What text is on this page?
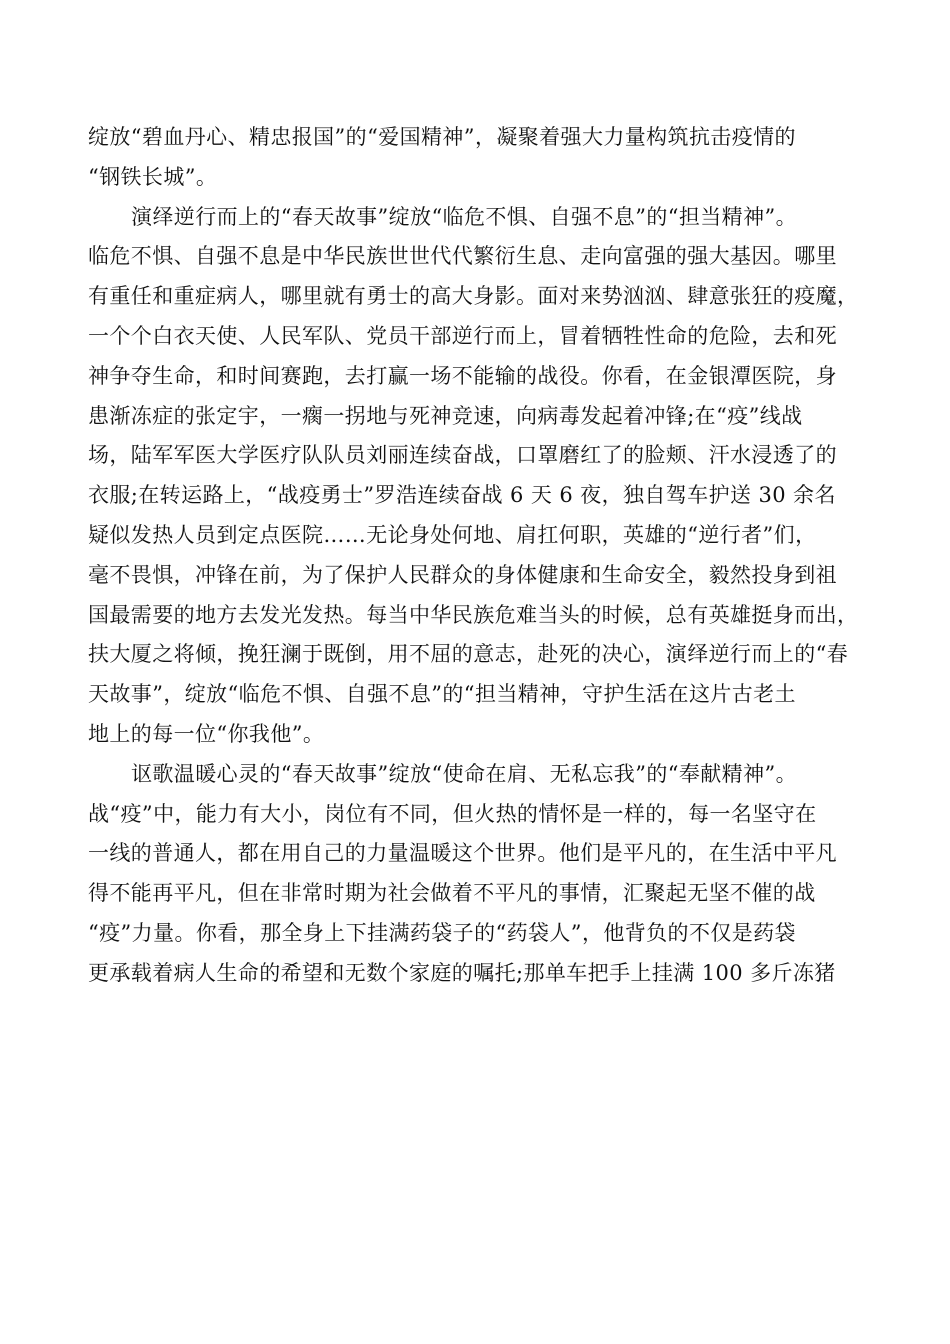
绽放“碧血丹心、精忠报国”的“爱国精神”，凝聚着强大力量构筑抗击疫情的
“钢铁长城”。
演绎逆行而上的“春天故事”绽放“临危不惧、自强不息”的“担当精神”。
临危不惧、自强不息是中华民族世世代代繁衍生息、走向富强的强大基因。哪里
有重任和重症病人，哪里就有勇士的高大身影。面对来势汹汹、肆意张狂的疫魔，
一个个白衣天使、人民军队、党员干部逆行而上，冒着牺牲性命的危险，去和死
神争夺生命，和时间赛跑，去打赢一场不能输的战役。你看，在金银潭医院，身
患渐冻症的张定宇，一瘸一拐地与死神竞速，向病毒发起着冲锋;在“疫”线战
场，陆军军医大学医疗队队员刘丽连续奋战，口罩磨红了的脸颊、汗水浸透了的
衣服;在转运路上，“战疫勇士”罗浩连续奋战 6 天 6 夜，独自驾车护送 30 余名
疑似发热人员到定点医院……无论身处何地、肩扛何职，英雄的“逆行者”们，
毫不畏惧，冲锋在前，为了保护人民群众的身体健康和生命安全，毅然投身到祖
国最需要的地方去发光发热。每当中华民族危难当头的时候，总有英雄挺身而出，
扶大厦之将倾，挽狂澜于既倒，用不屈的意志，赴死的决心，演绎逆行而上的“春
天故事”，绽放“临危不惧、自强不息”的“担当精神，守护生活在这片古老土
地上的每一位“你我他”。
讴歌温暖心灵的“春天故事”绽放“使命在肩、无私忘我”的“奉献精神”。
战“疫”中，能力有大小，岗位有不同，但火热的情怀是一样的，每一名坚守在
一线的普通人，都在用自己的力量温暖这个世界。他们是平凡的，在生活中平凡
得不能再平凡，但在非常时期为社会做着不平凡的事情，汇聚起无坚不催的战
“疫”力量。你看，那全身上下挂满药袋子的“药袋人”，他背负的不仅是药袋
更承载着病人生命的希望和无数个家庭的嘱托;那单车把手上挂满 100 多斤冻猪
